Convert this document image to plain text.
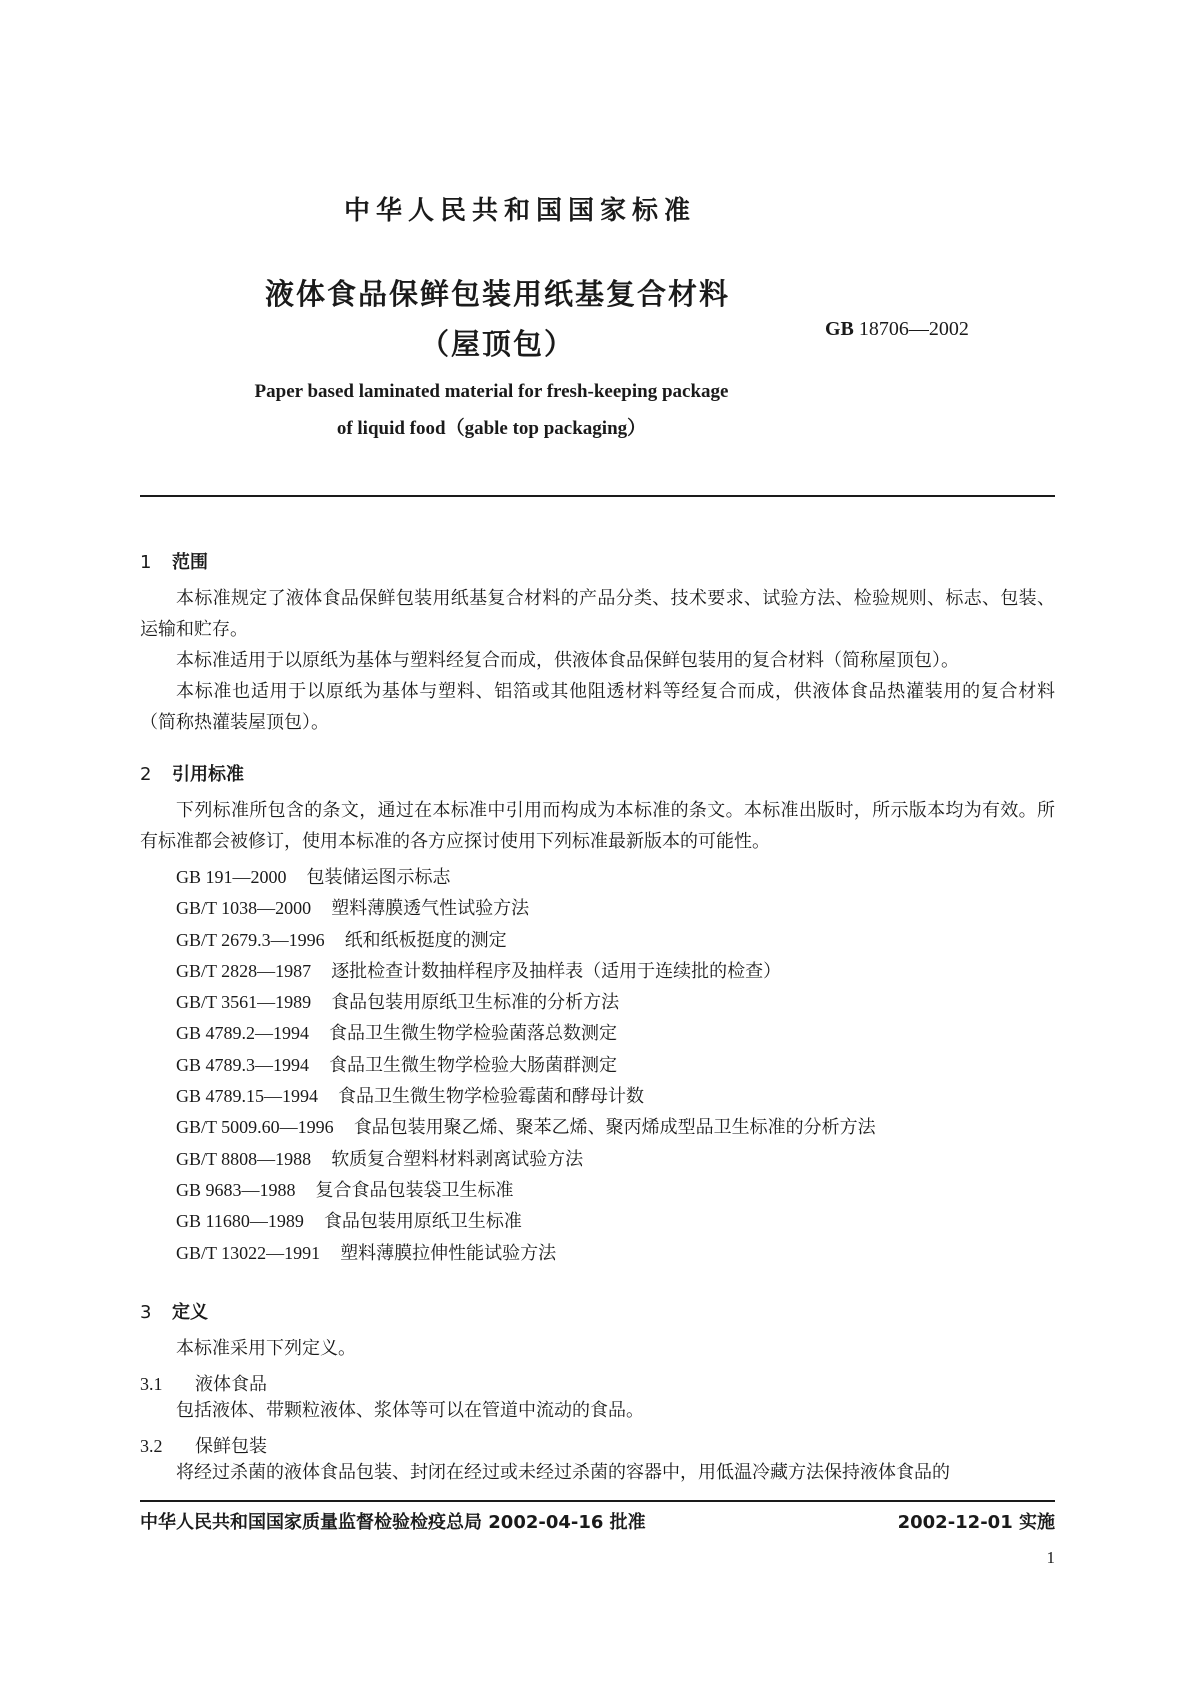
中华人民共和国国家标准
液体食品保鲜包装用纸基复合材料
（屋顶包）	GB 18706—2002
Paper based laminated material for fresh-keeping package
of liquid food（gable top packaging）
1 范围

本标准规定了液体食品保鲜包装用纸基复合材料的产品分类、技术要求、试验方法、检验规则、标志、包装、运输和贮存。

本标准适用于以原纸为基体与塑料经复合而成，供液体食品保鲜包装用的复合材料（简称屋顶包）。

本标准也适用于以原纸为基体与塑料、铝箔或其他阻透材料等经复合而成，供液体食品热灌装用的复合材料（简称热灌装屋顶包）。

2 引用标准

下列标准所包含的条文，通过在本标准中引用而构成为本标准的条文。本标准出版时，所示版本均为有效。所有标准都会被修订，使用本标准的各方应探讨使用下列标准最新版本的可能性。

GB 191—2000 包装储运图示标志
GB/T 1038—2000 塑料薄膜透气性试验方法
GB/T 2679.3—1996 纸和纸板挺度的测定
GB/T 2828—1987 逐批检查计数抽样程序及抽样表（适用于连续批的检查）
GB/T 3561—1989 食品包装用原纸卫生标准的分析方法
GB 4789.2—1994 食品卫生微生物学检验菌落总数测定
GB 4789.3—1994 食品卫生微生物学检验大肠菌群测定
GB 4789.15—1994 食品卫生微生物学检验霉菌和酵母计数
GB/T 5009.60—1996 食品包装用聚乙烯、聚苯乙烯、聚丙烯成型品卫生标准的分析方法
GB/T 8808—1988 软质复合塑料材料剥离试验方法
GB 9683—1988 复合食品包装袋卫生标准
GB 11680—1989 食品包装用原纸卫生标准
GB/T 13022—1991 塑料薄膜拉伸性能试验方法
3 定义

本标准采用下列定义。

3.1 液体食品

包括液体、带颗粒液体、浆体等可以在管道中流动的食品。

3.2 保鲜包装

将经过杀菌的液体食品包装、封闭在经过或未经过杀菌的容器中，用低温冷藏方法保持液体食品的

中华人民共和国国家质量监督检验检疫总局 2002-04-16 批准	2002-12-01 实施
1
